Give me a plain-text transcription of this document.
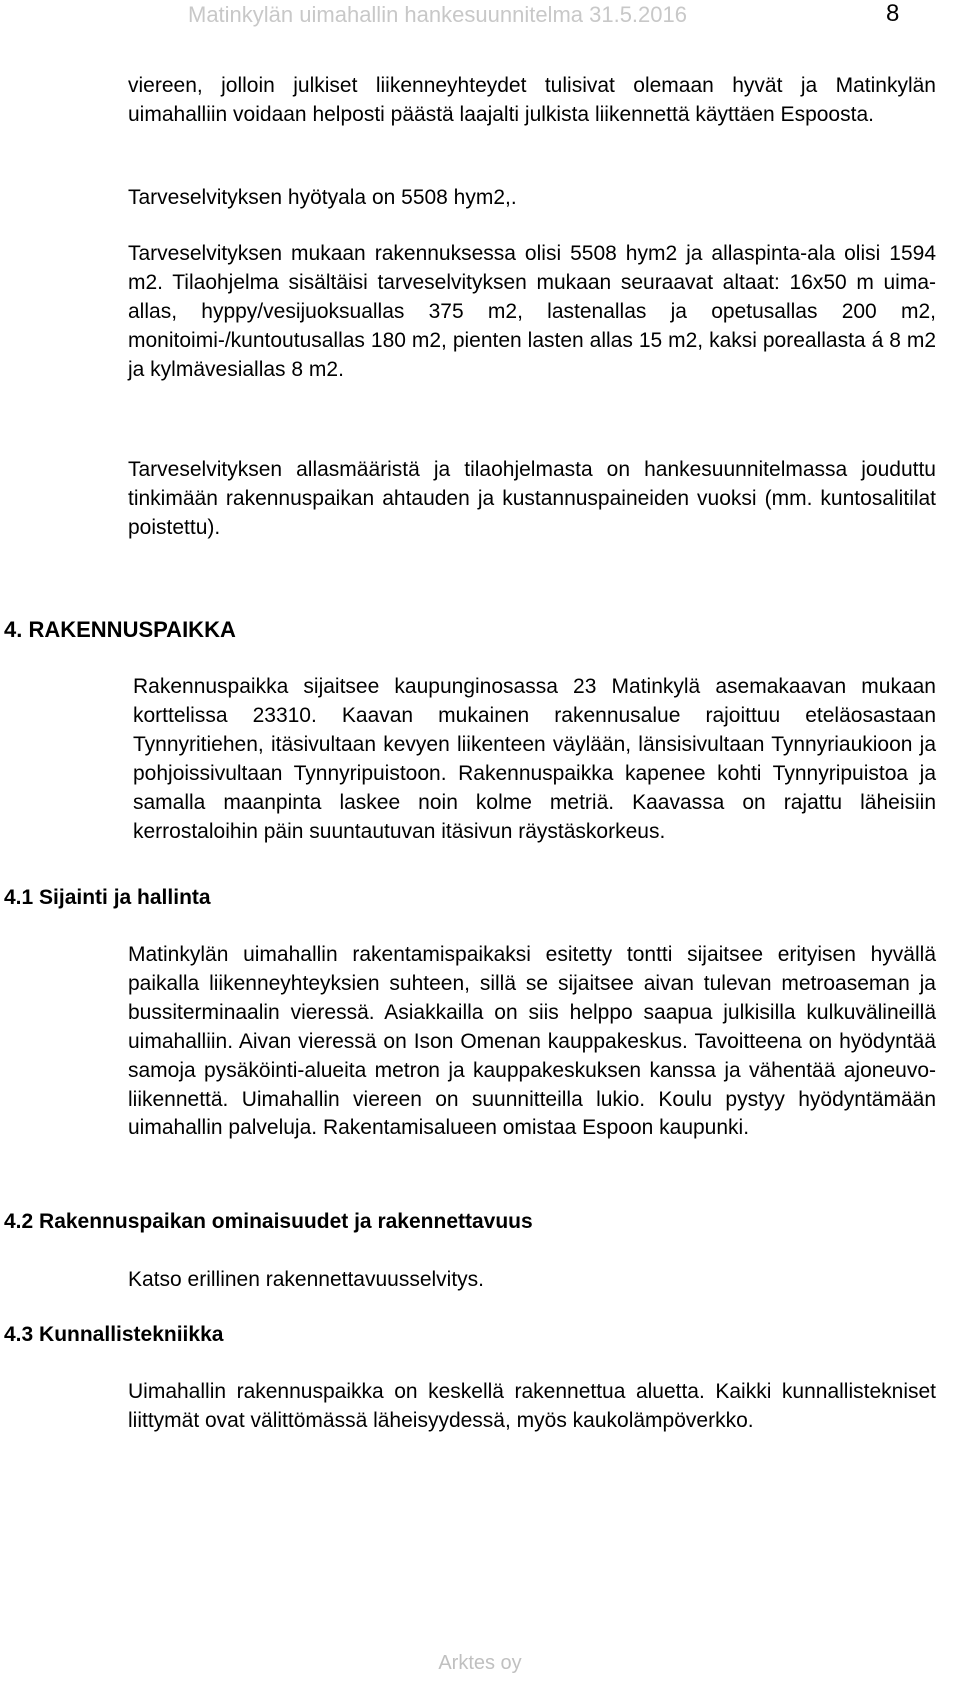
Matinkylän uimahallin hankesuunnitelma 31.5.2016	8

viereen, jolloin julkiset liikenneyhteydet tulisivat olemaan hyvät ja Matinkylän uimahalliin voidaan helposti päästä laajalti julkista liikennettä käyttäen Espoosta.

Tarveselvityksen hyötyala on 5508 hym2,.

Tarveselvityksen mukaan rakennuksessa olisi 5508 hym2 ja allaspinta-ala olisi 1594 m2. Tilaohjelma sisältäisi tarveselvityksen mukaan seuraavat altaat: 16x50 m uima-allas, hyppy/vesijuoksuallas 375 m2, lastenallas ja opetusallas 200 m2, monitoimi-/kuntoutusallas 180 m2, pienten lasten allas 15 m2, kaksi poreallasta á 8 m2 ja kylmävesiallas 8 m2.

Tarveselvityksen allasmääristä ja tilaohjelmasta on hankesuunnitelmassa jouduttu tinkimään rakennuspaikan ahtauden ja kustannuspaineiden vuoksi (mm. kuntosalitilat poistettu).

4. RAKENNUSPAIKKA

Rakennuspaikka sijaitsee kaupunginosassa 23 Matinkylä asemakaavan mukaan korttelissa 23310. Kaavan mukainen rakennusalue rajoittuu eteläosastaan Tynnyritiehen, itäsivultaan kevyen liikenteen väylään, länsisivultaan Tynnyriaukioon ja pohjoissivultaan Tynnyripuistoon. Rakennuspaikka kapenee kohti Tynnyripuistoa ja samalla maanpinta laskee noin kolme metriä. Kaavassa on rajattu läheisiin kerrostaloihin päin suuntautuvan itäsivun räystäskorkeus.

4.1 Sijainti ja hallinta

Matinkylän uimahallin rakentamispaikaksi esitetty tontti sijaitsee erityisen hyvällä paikalla liikenneyhteyksien suhteen, sillä se sijaitsee aivan tulevan metroaseman ja bussiterminaalin vieressä. Asiakkailla on siis helppo saapua julkisilla kulkuvälineillä uimahalliin. Aivan vieressä on Ison Omenan kauppakeskus. Tavoitteena on hyödyntää samoja pysäköinti-alueita metron ja kauppakeskuksen kanssa ja vähentää ajoneuvo-liikennettä. Uimahallin viereen on suunnitteilla lukio. Koulu pystyy hyödyntämään uimahallin palveluja. Rakentamisalueen omistaa Espoon kaupunki.

4.2 Rakennuspaikan ominaisuudet ja rakennettavuus

Katso erillinen rakennettavuusselvitys.

4.3 Kunnallistekniikka

Uimahallin rakennuspaikka on keskellä rakennettua aluetta. Kaikki kunnallistekniset liittymät ovat välittömässä läheisyydessä, myös kaukolämpöverkko.

Arktes oy
